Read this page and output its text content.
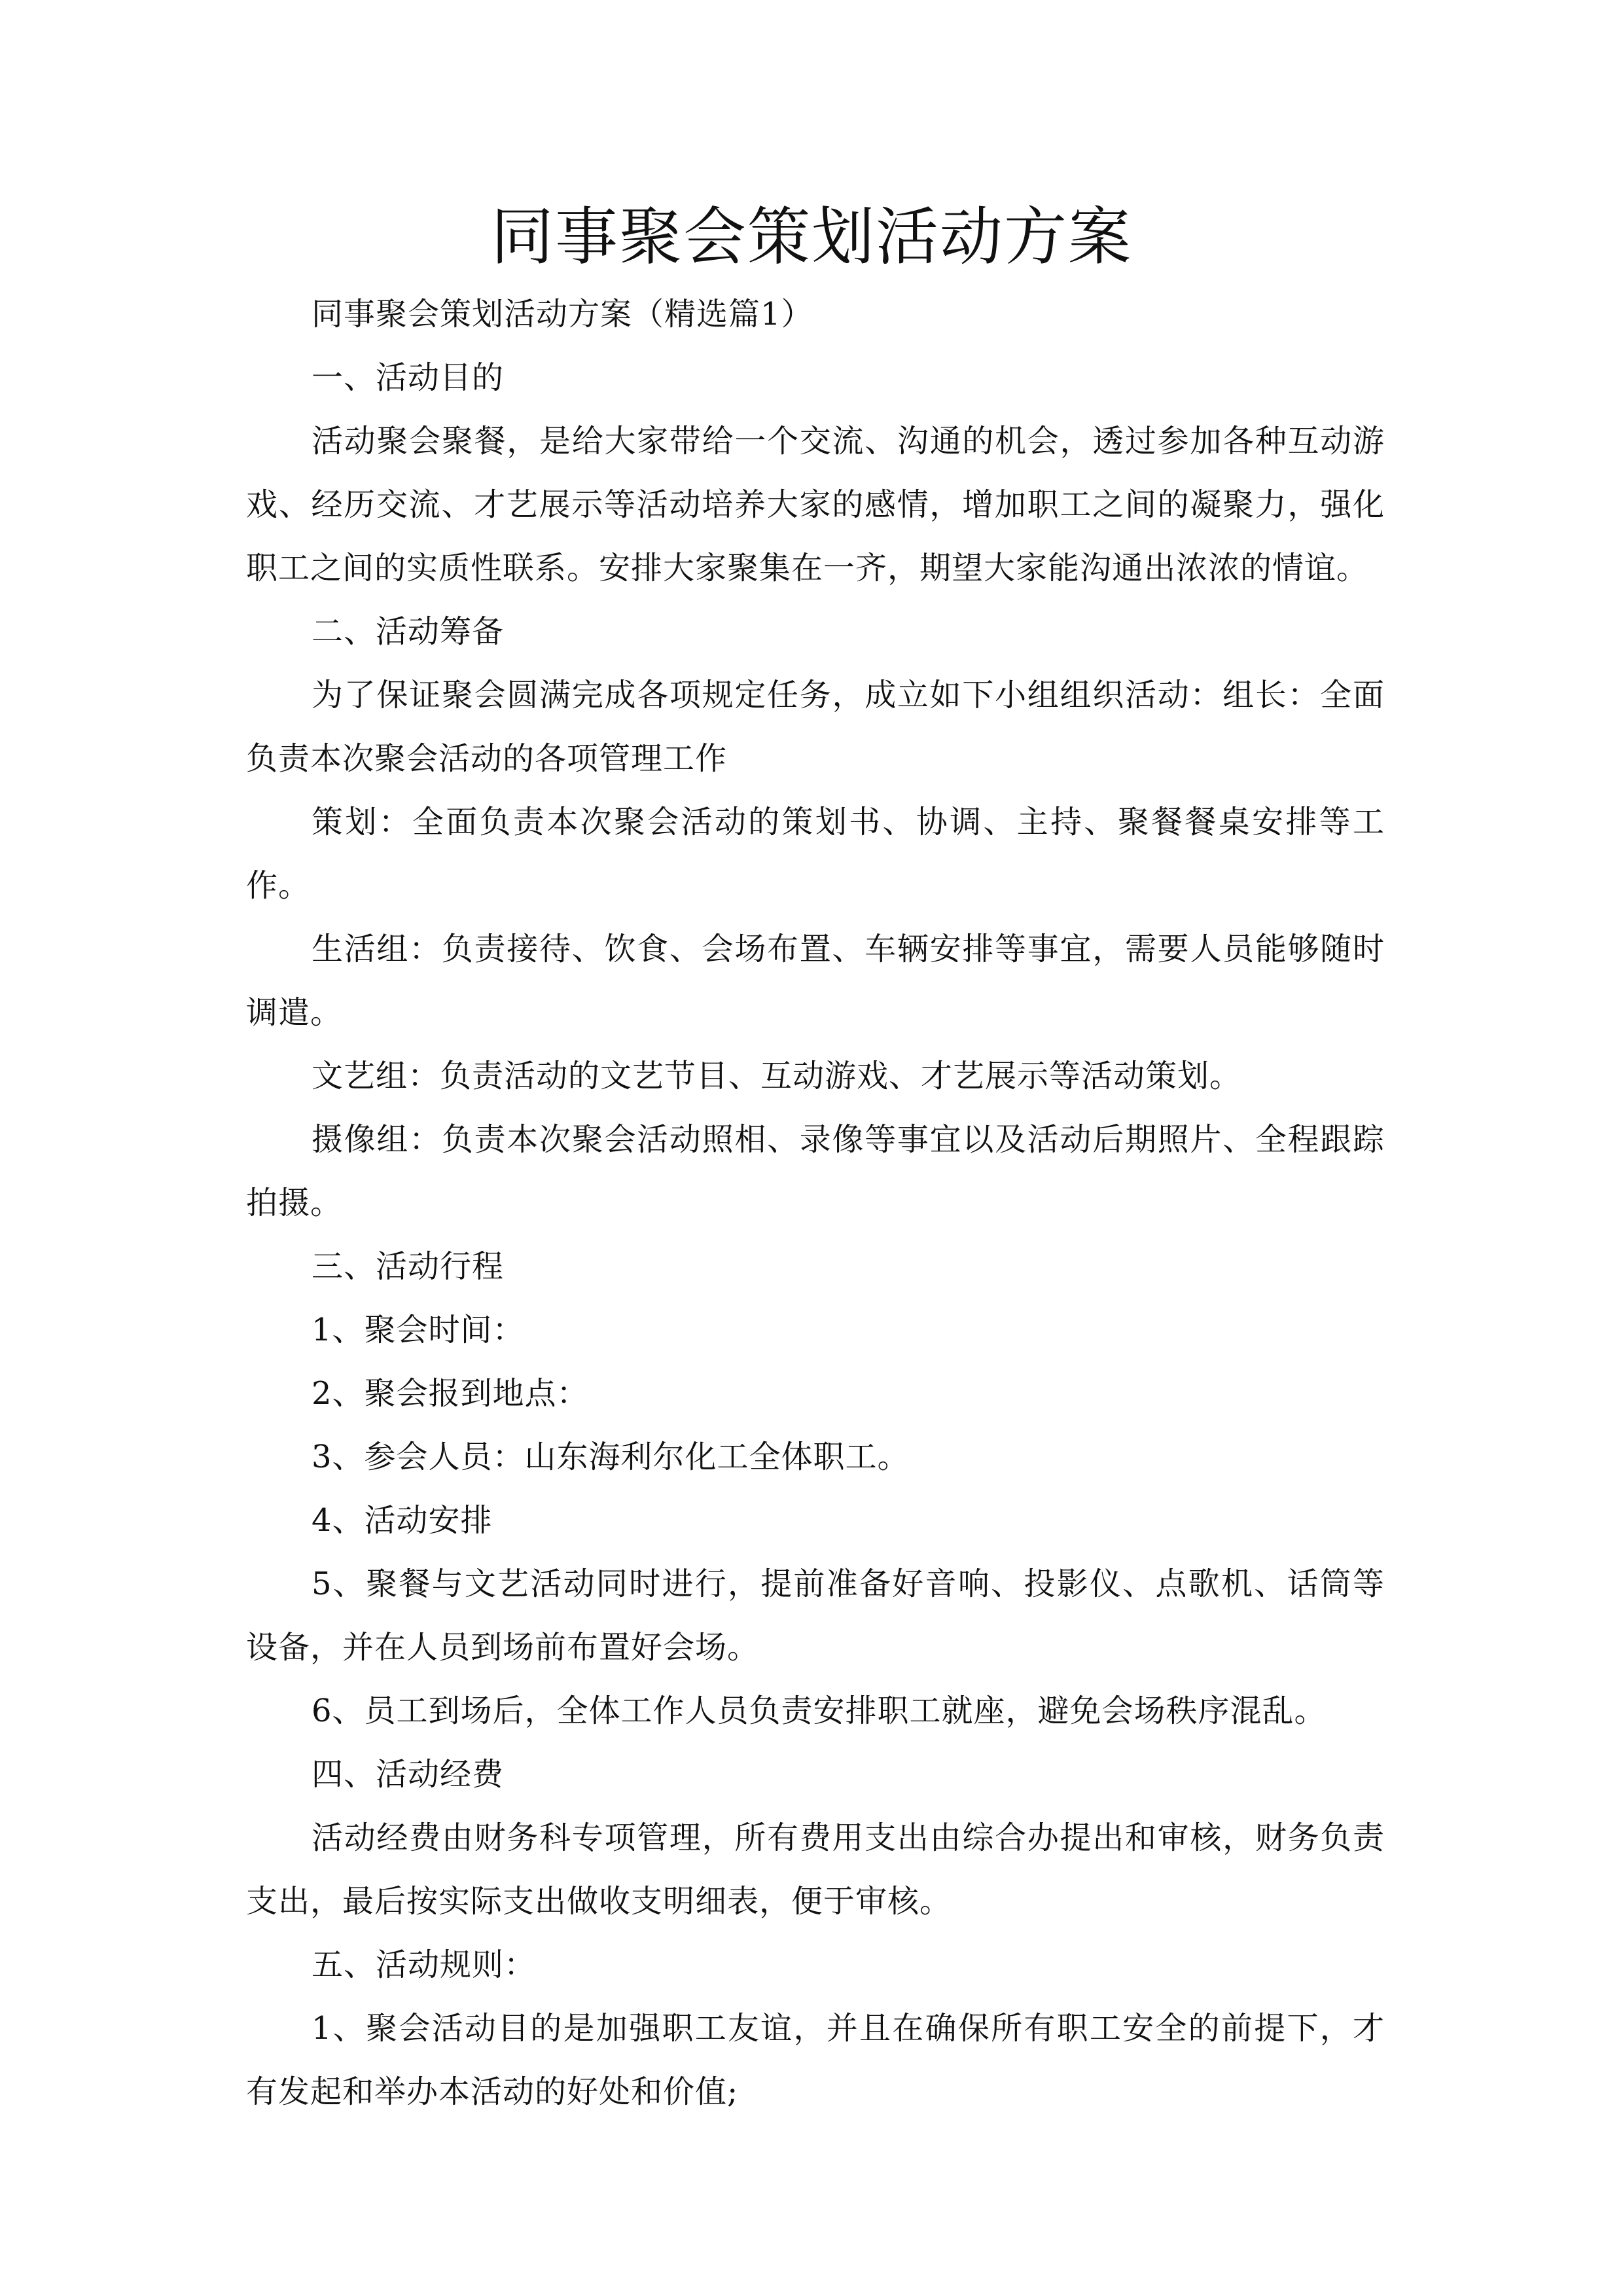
同事聚会策划活动方案

同事聚会策划活动方案（精选篇1）

一、活动目的

活动聚会聚餐，是给大家带给一个交流、沟通的机会，透过参加各种互动游戏、经历交流、才艺展示等活动培养大家的感情，增加职工之间的凝聚力，强化职工之间的实质性联系。安排大家聚集在一齐，期望大家能沟通出浓浓的情谊。

二、活动筹备

为了保证聚会圆满完成各项规定任务，成立如下小组组织活动：组长：全面负责本次聚会活动的各项管理工作

策划：全面负责本次聚会活动的策划书、协调、主持、聚餐餐桌安排等工作。

生活组：负责接待、饮食、会场布置、车辆安排等事宜，需要人员能够随时调遣。

文艺组：负责活动的文艺节目、互动游戏、才艺展示等活动策划。

摄像组：负责本次聚会活动照相、录像等事宜以及活动后期照片、全程跟踪拍摄。

三、活动行程

1、聚会时间：

2、聚会报到地点：

3、参会人员：山东海利尔化工全体职工。

4、活动安排

5、聚餐与文艺活动同时进行，提前准备好音响、投影仪、点歌机、话筒等设备，并在人员到场前布置好会场。

6、员工到场后，全体工作人员负责安排职工就座，避免会场秩序混乱。

四、活动经费

活动经费由财务科专项管理，所有费用支出由综合办提出和审核，财务负责支出，最后按实际支出做收支明细表，便于审核。

五、活动规则：

1、聚会活动目的是加强职工友谊，并且在确保所有职工安全的前提下，才有发起和举办本活动的好处和价值;
